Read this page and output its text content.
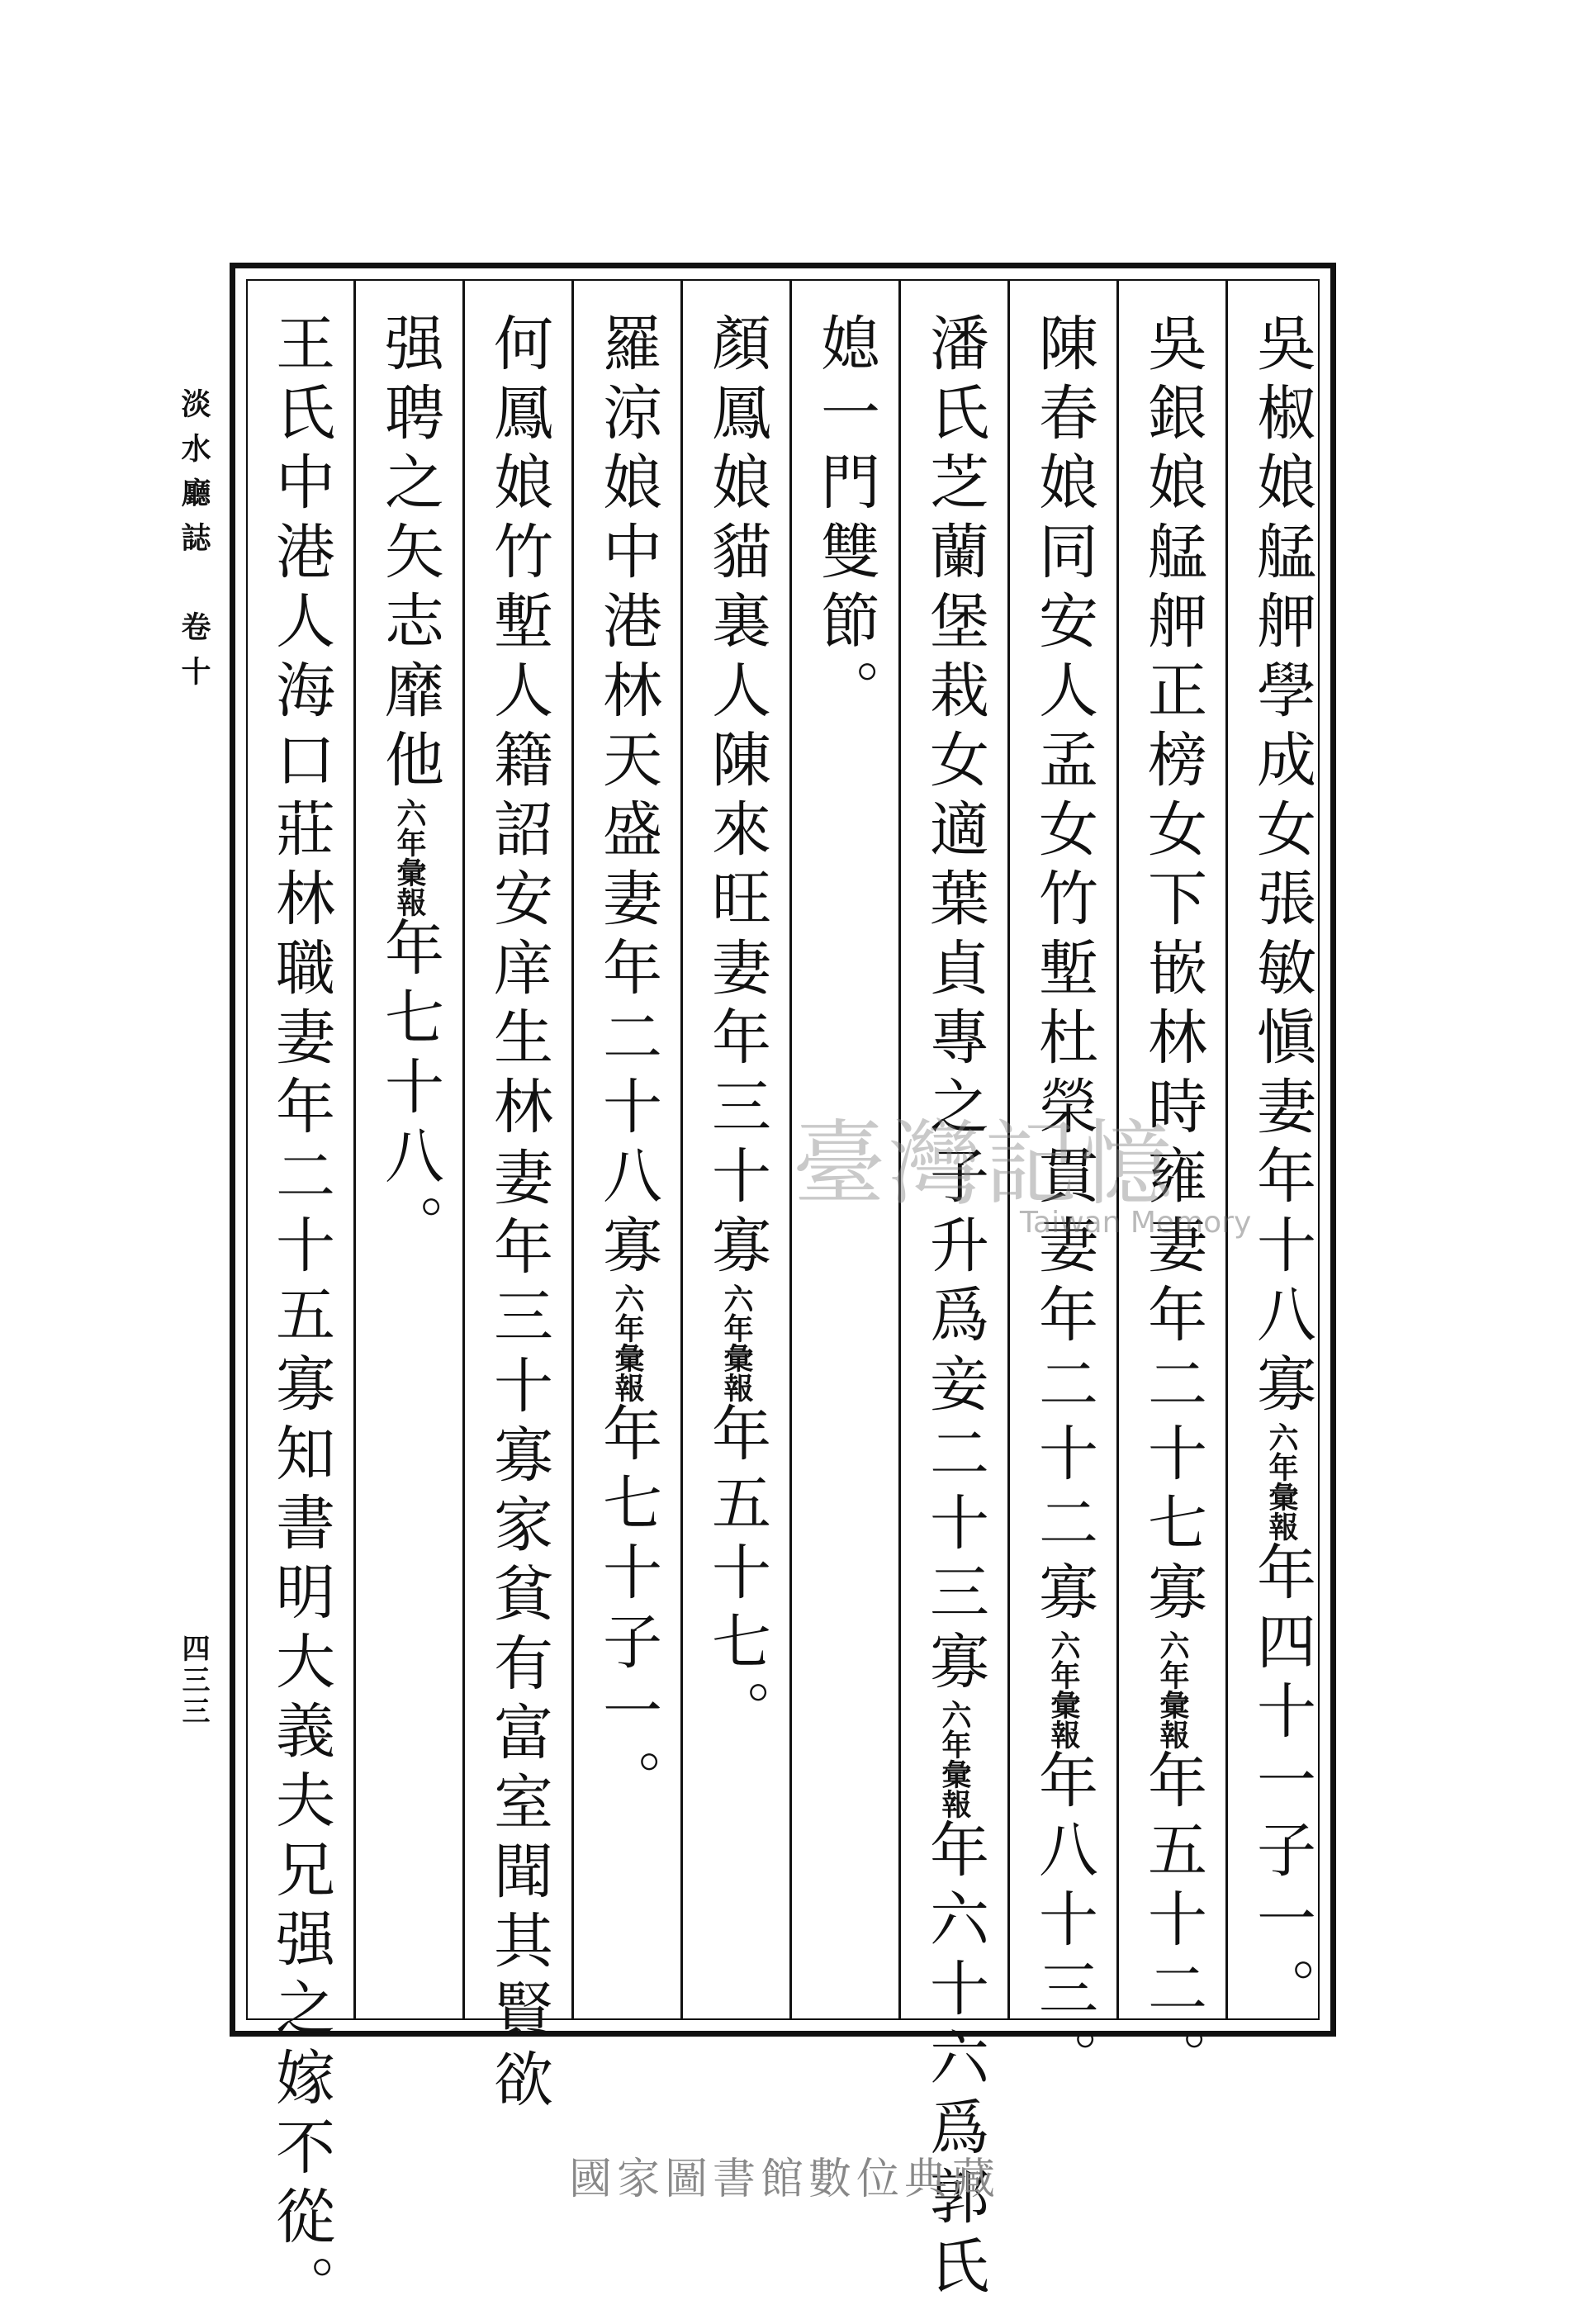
吳椒娘艋舺學成女張敏愼妻年十八寡六年彙報年四十一子一。
吳銀娘艋舺正榜女下嵌林時雍妻年二十七寡六年彙報年五十二。
陳春娘同安人孟女竹塹杜榮貫妻年二十二寡六年彙報年八十三。
潘氏芝蘭堡栽女適葉貞專之子升爲妾二十三寡六年彙報年六十六爲郭氏
媳一門雙節。
顏鳳娘貓裏人陳來旺妻年三十寡六年彙報年五十七。
羅涼娘中港林天盛妻年二十八寡六年彙報年七十子一。
何鳳娘竹塹人籍詔安庠生林
妻年三十寡家貧有富室聞其賢欲
强聘之矢志靡他六年彙報年七十八。
王氏中港人海口莊林職妻年二十五寡知書明大義夫兄强之嫁不從。
淡水廳誌　卷十
四三三
臺灣記憶
Taiwan Memory
國家圖書館數位典藏
